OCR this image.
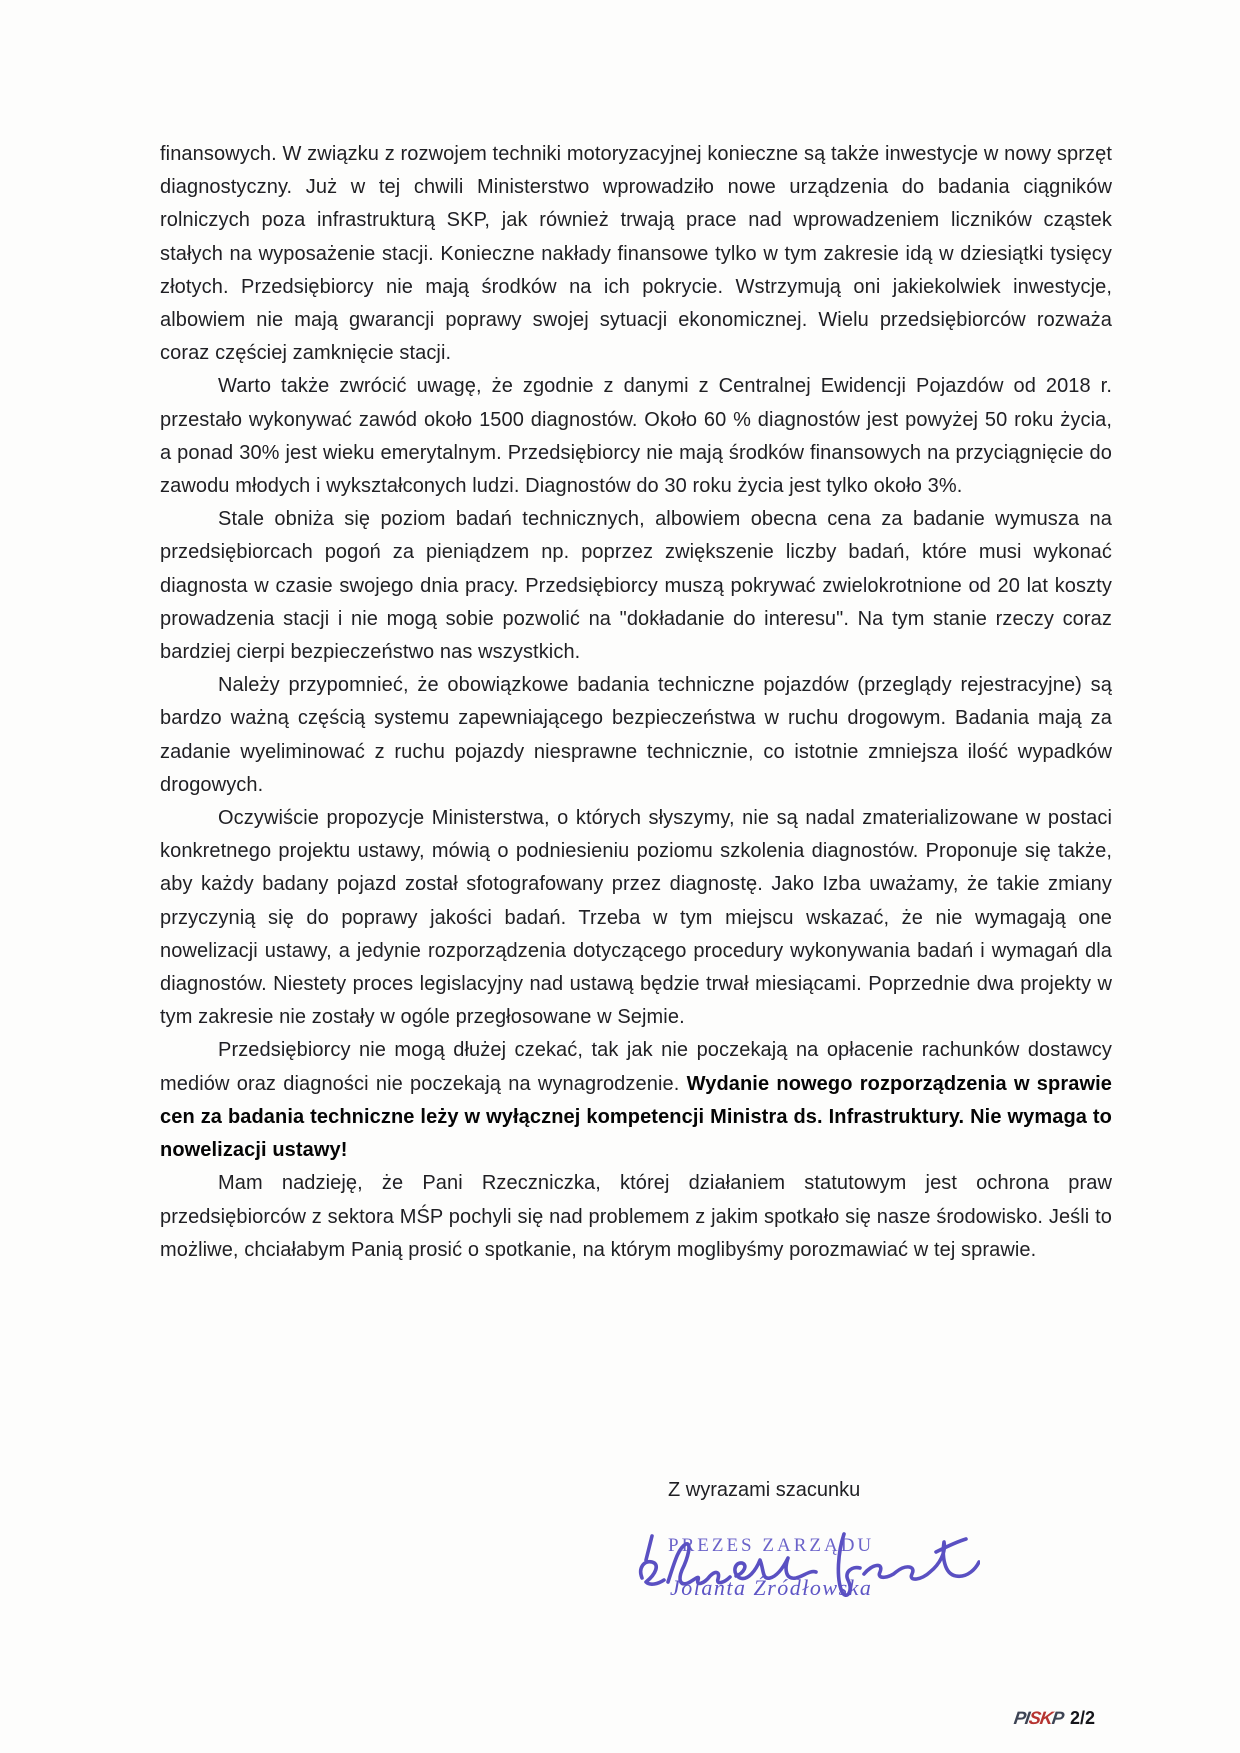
finansowych. W związku z rozwojem techniki motoryzacyjnej konieczne są także inwestycje w nowy sprzęt diagnostyczny. Już w tej chwili Ministerstwo wprowadziło nowe urządzenia do badania ciągników rolniczych poza infrastrukturą SKP, jak również trwają prace nad wprowadzeniem liczników cząstek stałych na wyposażenie stacji. Konieczne nakłady finansowe tylko w tym zakresie idą w dziesiątki tysięcy złotych. Przedsiębiorcy nie mają środków na ich pokrycie. Wstrzymują oni jakiekolwiek inwestycje, albowiem nie mają gwarancji poprawy swojej sytuacji ekonomicznej. Wielu przedsiębiorców rozważa coraz częściej zamknięcie stacji.

Warto także zwrócić uwagę, że zgodnie z danymi z Centralnej Ewidencji Pojazdów od 2018 r. przestało wykonywać zawód około 1500 diagnostów. Około 60 % diagnostów jest powyżej 50 roku życia, a ponad 30% jest wieku emerytalnym. Przedsiębiorcy nie mają środków finansowych na przyciągnięcie do zawodu młodych i wykształconych ludzi. Diagnostów do 30 roku życia jest tylko około 3%.

Stale obniża się poziom badań technicznych, albowiem obecna cena za badanie wymusza na przedsiębiorcach pogoń za pieniądzem np. poprzez zwiększenie liczby badań, które musi wykonać diagnosta w czasie swojego dnia pracy. Przedsiębiorcy muszą pokrywać zwielokrotnione od 20 lat koszty prowadzenia stacji i nie mogą sobie pozwolić na "dokładanie do interesu". Na tym stanie rzeczy coraz bardziej cierpi bezpieczeństwo nas wszystkich.

Należy przypomnieć, że obowiązkowe badania techniczne pojazdów (przeglądy rejestracyjne) są bardzo ważną częścią systemu zapewniającego bezpieczeństwa w ruchu drogowym. Badania mają za zadanie wyeliminować z ruchu pojazdy niesprawne technicznie, co istotnie zmniejsza ilość wypadków drogowych.

Oczywiście propozycje Ministerstwa, o których słyszymy, nie są nadal zmaterializowane w postaci konkretnego projektu ustawy, mówią o podniesieniu poziomu szkolenia diagnostów. Proponuje się także, aby każdy badany pojazd został sfotografowany przez diagnostę. Jako Izba uważamy, że takie zmiany przyczynią się do poprawy jakości badań. Trzeba w tym miejscu wskazać, że nie wymagają one nowelizacji ustawy, a jedynie rozporządzenia dotyczącego procedury wykonywania badań i wymagań dla diagnostów. Niestety proces legislacyjny nad ustawą będzie trwał miesiącami. Poprzednie dwa projekty w tym zakresie nie zostały w ogóle przegłosowane w Sejmie.

Przedsiębiorcy nie mogą dłużej czekać, tak jak nie poczekają na opłacenie rachunków dostawcy mediów oraz diagności nie poczekają na wynagrodzenie. Wydanie nowego rozporządzenia w sprawie cen za badania techniczne leży w wyłącznej kompetencji Ministra ds. Infrastruktury. Nie wymaga to nowelizacji ustawy!

Mam nadzieję, że Pani Rzeczniczka, której działaniem statutowym jest ochrona praw przedsiębiorców z sektora MŚP pochyli się nad problemem z jakim spotkało się nasze środowisko. Jeśli to możliwe, chciałabym Panią prosić o spotkanie, na którym moglibyśmy porozmawiać w tej sprawie.

Z wyrazami szacunku
PREZES ZARZĄDU
Jolanta Źródłowska
PISKP 2/2
